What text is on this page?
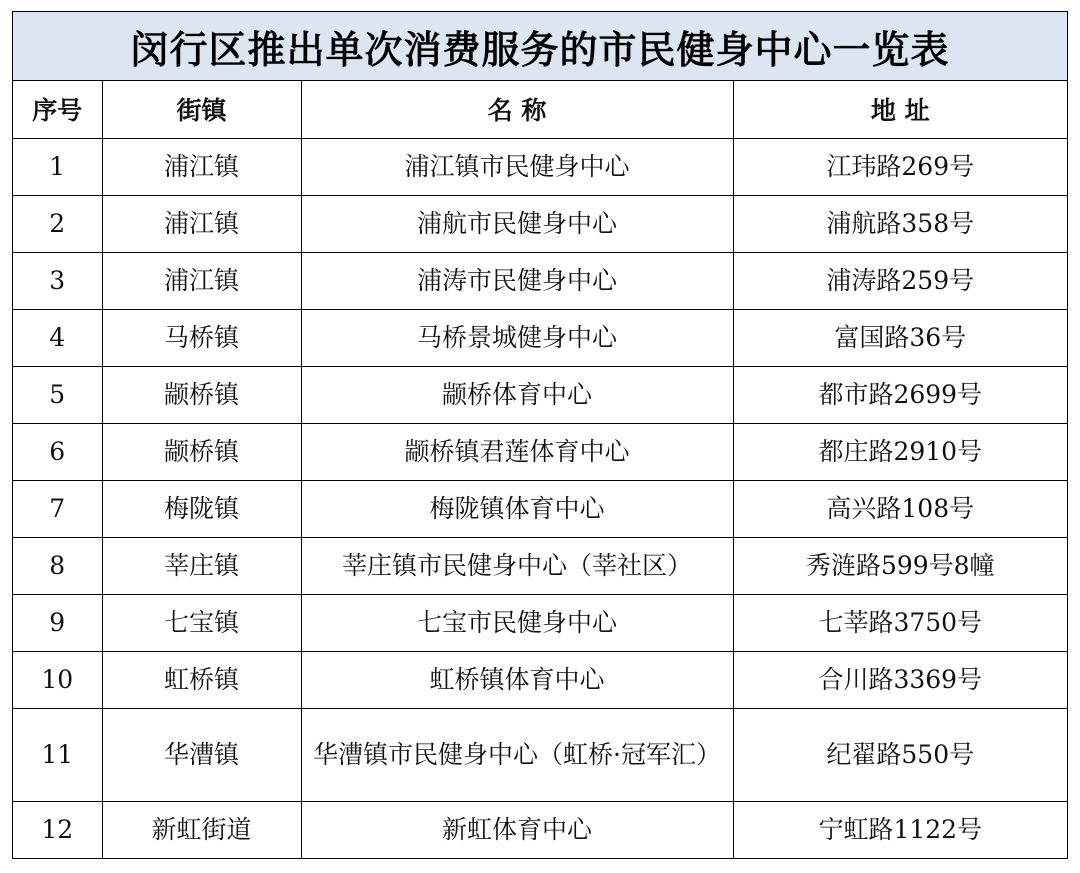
闵行区推出单次消费服务的市民健身中心一览表
序号	街镇	名 称	地 址
1	浦江镇	浦江镇市民健身中心	江玮路269号
2	浦江镇	浦航市民健身中心	浦航路358号
3	浦江镇	浦涛市民健身中心	浦涛路259号
4	马桥镇	马桥景城健身中心	富国路36号
5	颛桥镇	颛桥体育中心	都市路2699号
6	颛桥镇	颛桥镇君莲体育中心	都庄路2910号
7	梅陇镇	梅陇镇体育中心	高兴路108号
8	莘庄镇	莘庄镇市民健身中心（莘社区）	秀涟路599号8幢
9	七宝镇	七宝市民健身中心	七莘路3750号
10	虹桥镇	虹桥镇体育中心	合川路3369号
11	华漕镇	华漕镇市民健身中心（虹桥·冠军汇）	纪翟路550号
12	新虹街道	新虹体育中心	宁虹路1122号
